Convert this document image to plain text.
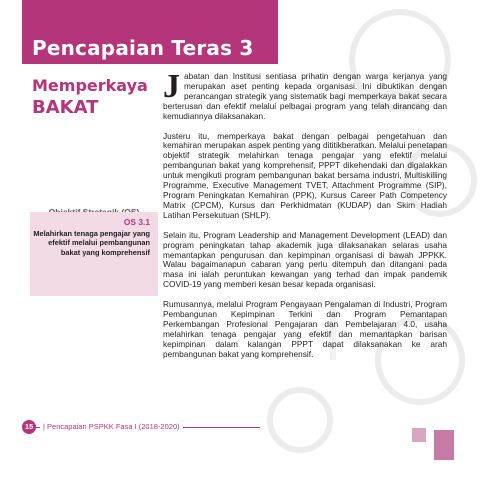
Pencapaian Teras 3
Memperkaya
BAKAT
OS 3.1
Melahirkan tenaga pengajar yang efektif melalui pembangunan bakat yang komprehensif

Jabatan dan Institusi sentiasa prihatin dengan warga kerjanya yang merupakan aset penting kepada organisasi. Ini dibuktikan dengan perancangan strategik yang sistematik bagi memperkaya bakat secara berterusan dan efektif melalui pelbagai program yang telah dirancang dan kemudiannya dilaksanakan.

Justeru itu, memperkaya bakat dengan pelbagai pengetahuan dan kemahiran merupakan aspek penting yang dititikberatkan. Melalui penetapan objektif strategik melahirkan tenaga pengajar yang efektif melalui pembangunan bakat yang komprehensif, PPPT dikehendaki dan digalakkan untuk mengikuti program pembangunan bakat bersama industri, Multiskilling Programme, Executive Management TVET, Attachment Programme (SIP), Program Peningkatan Kemahiran (PPK), Kursus Career Path Competency Matrix (CPCM), Kursus dan Perkhidmatan (KUDAP) dan Skim Hadiah Latihan Persekutuan (SHLP).

Selain itu, Program Leadership and Management Development (LEAD) dan program peningkatan tahap akademik juga dilaksanakan selaras usaha memantapkan pengurusan dan kepimpinan organisasi di bawah JPPKK. Walau bagaimanapun cabaran yang perlu ditempuh dan ditangani pada masa ini ialah peruntukan kewangan yang terhad dan impak pandemik COVID-19 yang memberi kesan besar kepada organisasi.

Rumusannya, melalui Program Pengayaan Pengalaman di Industri, Program Pembangunan Kepimpinan Terkini dan Program Pemantapan Perkembangan Profesional Pengajaran dan Pembelajaran 4.0, usaha melahirkan tenaga pengajar yang efektif dan memantapkan barisan kepimpinan dalam kalangan PPPT dapat dilaksanakan ke arah pembangunan bakat yang komprehensif.

15	| Pencapaian PSPKK Fasa I (2018-2020)
